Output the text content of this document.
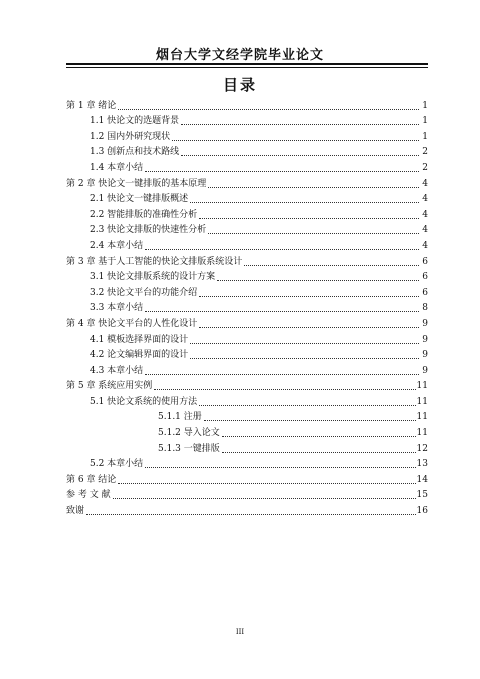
烟台大学文经学院毕业论文
目录
第 1 章 绪论	1
1.1 快论文的选题背景	1
1.2 国内外研究现状	1
1.3 创新点和技术路线	2
1.4 本章小结	2
第 2 章 快论文一键排版的基本原理	4
2.1 快论文一键排版概述	4
2.2 智能排版的准确性分析	4
2.3 快论文排版的快速性分析	4
2.4 本章小结	4
第 3 章 基于人工智能的快论文排版系统设计	6
3.1 快论文排版系统的设计方案	6
3.2 快论文平台的功能介绍	6
3.3 本章小结	8
第 4 章 快论文平台的人性化设计	9
4.1 模板选择界面的设计	9
4.2 论文编辑界面的设计	9
4.3 本章小结	9
第 5 章 系统应用实例	11
5.1 快论文系统的使用方法	11
5.1.1 注册	11
5.1.2 导入论文	11
5.1.3 一键排版	12
5.2 本章小结	13
第 6 章 结论	14
参 考 文 献	15
致谢	16
III
